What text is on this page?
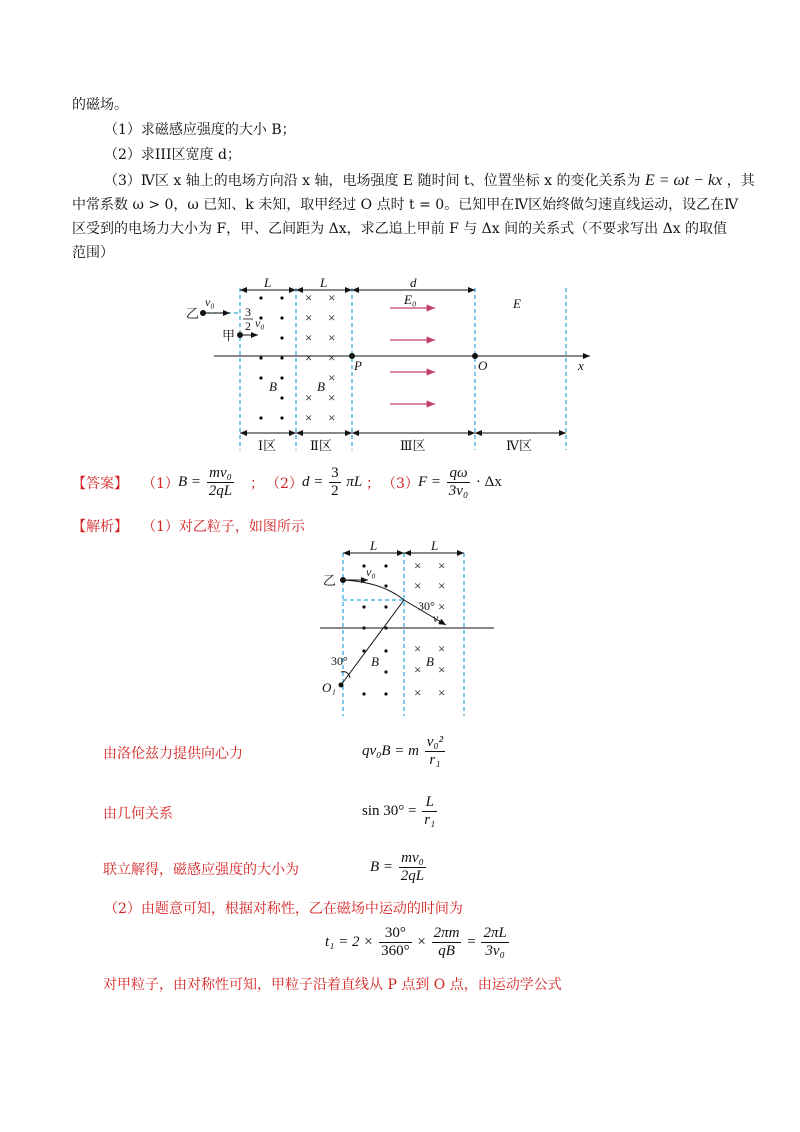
的磁场。
（1）求磁感应强度的大小 B；
（2）求III区宽度 d；
（3）Ⅳ区 x 轴上的电场方向沿 x 轴，电场强度 E 随时间 t、位置坐标 x 的变化关系为 E = ωt − kx ，其
中常系数 ω > 0，ω 已知、k 未知，取甲经过 O 点时 t = 0。已知甲在Ⅳ区始终做匀速直线运动，设乙在Ⅳ
区受到的电场力大小为 F，甲、乙间距为 Δx，求乙追上甲前 F 与 Δx 间的关系式（不要求写出 Δx 的取值
范围）
× ×
× ×
× ×
× ×
×
× ×
× ×
L	L	d
E₀	E
v₀
v₀
P	O	x
B	B
3
2
乙
甲
Ⅰ区	Ⅱ区	Ⅲ区	Ⅳ区
【答案】 （1） $B = \frac{\text{mv₀}}{2qL}$ ； （2） $d = \frac{3}{2}$ πL ； （3） $F = \frac{q\omega}{\text{3v₀}} \cdot \Delta x$
【解析】 （1）对乙粒子，如图所示
× ×
× ×
×
× ×
× ×
× ×
L	L
v₀
30°
v₀
30° B	B
O₁
乙
由洛伦兹力提供向心力	qv₀B = m $\frac{\text{v₀²}}{\text{r₁}}$
由几何关系	$\sin 30^\circ = \frac{L}{\text{r₁}}$
联立解得，磁感应强度的大小为	$B = \frac{\text{mv₀}}{2qL}$
（2）由题意可知，根据对称性，乙在磁场中运动的时间为
$t_1 = 2 \times \frac{30^\circ}{360^\circ} \times \frac{2\pi m}{qB} = \frac{2\pi L}{\text{3v₀}}$
对甲粒子，由对称性可知，甲粒子沿着直线从 P 点到 O 点，由运动学公式
